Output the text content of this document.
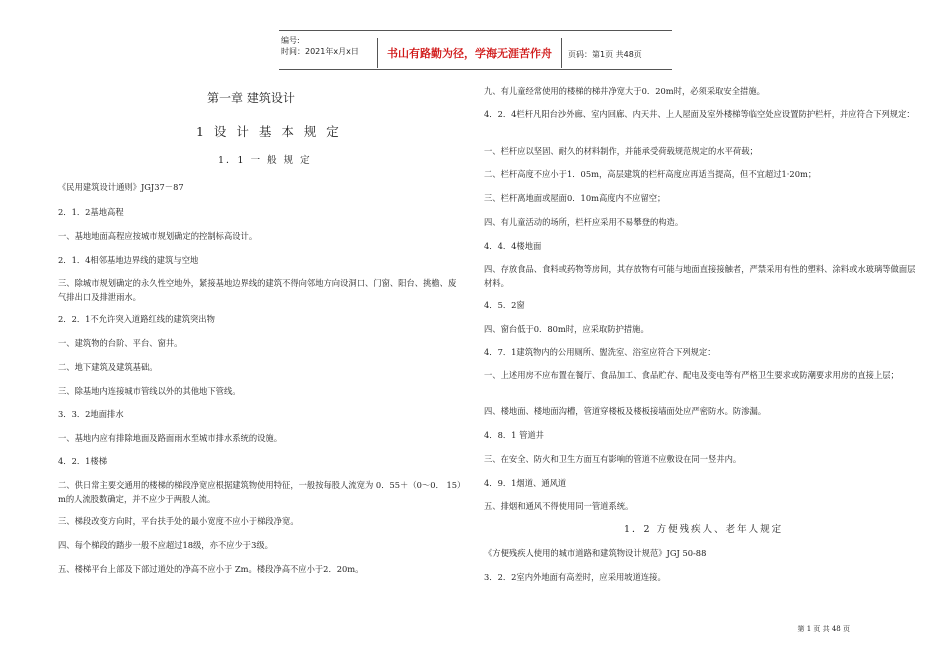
编号:
时间：2021年x月x日	书山有路勤为径，学海无涯苦作舟	页码：第1页 共48页

第一章 建筑设计

1 设 计 基 本 规 定

1．1 一 般 规 定

《民用建筑设计通则》JGJ37－87

2．1．2基地高程

一、基地地面高程应按城市规划确定的控制标高设计。

2．1．4相邻基地边界线的建筑与空地

三、除城市规划确定的永久性空地外，紧接基地边界线的建筑不得向邻地方向设洞口、门窗、阳台、挑檐、废气排出口及排泄雨水。

2．2．1不允许突入道路红线的建筑突出物

一、建筑物的台阶、平台、窗井。

二、地下建筑及建筑基础。

三、除基地内连接城市管线以外的其他地下管线。

3．3．2地面排水

一、基地内应有排除地面及路面雨水至城市排水系统的设施。

4．2．1楼梯

二、供日常主要交通用的楼梯的梯段净宽应根据建筑物使用特征，一般按每股人流宽为 0．55＋（0～0． 15）m的人流股数确定，并不应少于两股人流。

三、梯段改变方向时，平台扶手处的最小宽度不应小于梯段净宽。

四、每个梯段的踏步一般不应超过18级，亦不应少于3级。

五、楼梯平台上部及下部过道处的净高不应小于 Zm。楼段净高不应小于2．20m。

九、有儿童经常使用的楼梯的梯井净宽大于0．20m时，必须采取安全措施。

4．2．4栏杆凡阳台沙外廊、室内回廊、内天井、上人屋面及室外楼梯等临空处应设置防护栏杆，并应符合下列规定：

一、栏杆应以坚固、耐久的材料制作，并能承受荷载规范规定的水平荷载；

二、栏杆高度不应小于1．05m，高层建筑的栏杆高度应再适当提高，但不宜超过1·20m；

三、栏杆离地面或屋面0．10m高度内不应留空；

四、有儿童活动的场所，栏杆应采用不易攀登的构造。

4．4．4楼地面

四、存放食品、食料或药物等房间，其存放物有可能与地面直接接触者，严禁采用有性的塑料、涂料或水玻璃等做面层材料。

4．5．2窗

四、窗台低于0．80m时，应采取防护措施。

4．7．1建筑物内的公用厕所、盥洗室、浴室应符合下列规定：

一、上述用房不应布置在餐厅、食品加工、食品贮存、配电及变电等有严格卫生要求或防潮要求用房的直接上层；

四、楼地面、楼地面沟槽，管道穿楼板及楼板接墙面处应严密防水。防渗漏。

4．8．1 管道井

三、在安全、防火和卫生方面互有影响的管道不应敷设在同一竖井内。

4．9．1烟道、通风道

五、排烟和通风不得使用同一管道系统。

1．2 方便残疾人、老年人规定

《方便残疾人使用的城市道路和建筑物设计规范》JGJ 50-88

3．2．2室内外地面有高差时，应采用坡道连接。

第 1 页 共 48 页
